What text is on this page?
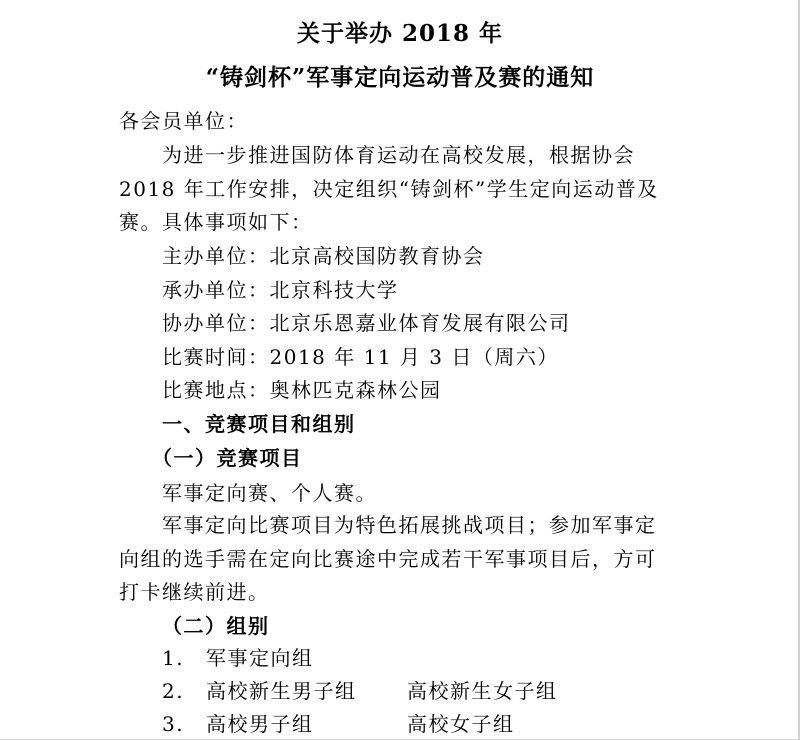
关于举办 2018 年
“铸剑杯”军事定向运动普及赛的通知
各会员单位：
为进一步推进国防体育运动在高校发展，根据协会
2018 年工作安排，决定组织“铸剑杯”学生定向运动普及
赛。具体事项如下：
主办单位：北京高校国防教育协会
承办单位：北京科技大学
协办单位：北京乐恩嘉业体育发展有限公司
比赛时间：2018 年 11 月 3 日（周六）
比赛地点：奥林匹克森林公园
一、竞赛项目和组别
（一）竞赛项目
军事定向赛、个人赛。
军事定向比赛项目为特色拓展挑战项目；参加军事定
向组的选手需在定向比赛途中完成若干军事项目后，方可
打卡继续前进。
（二）组别
1. 军事定向组
2. 高校新生男子组	高校新生女子组
3. 高校男子组	高校女子组
